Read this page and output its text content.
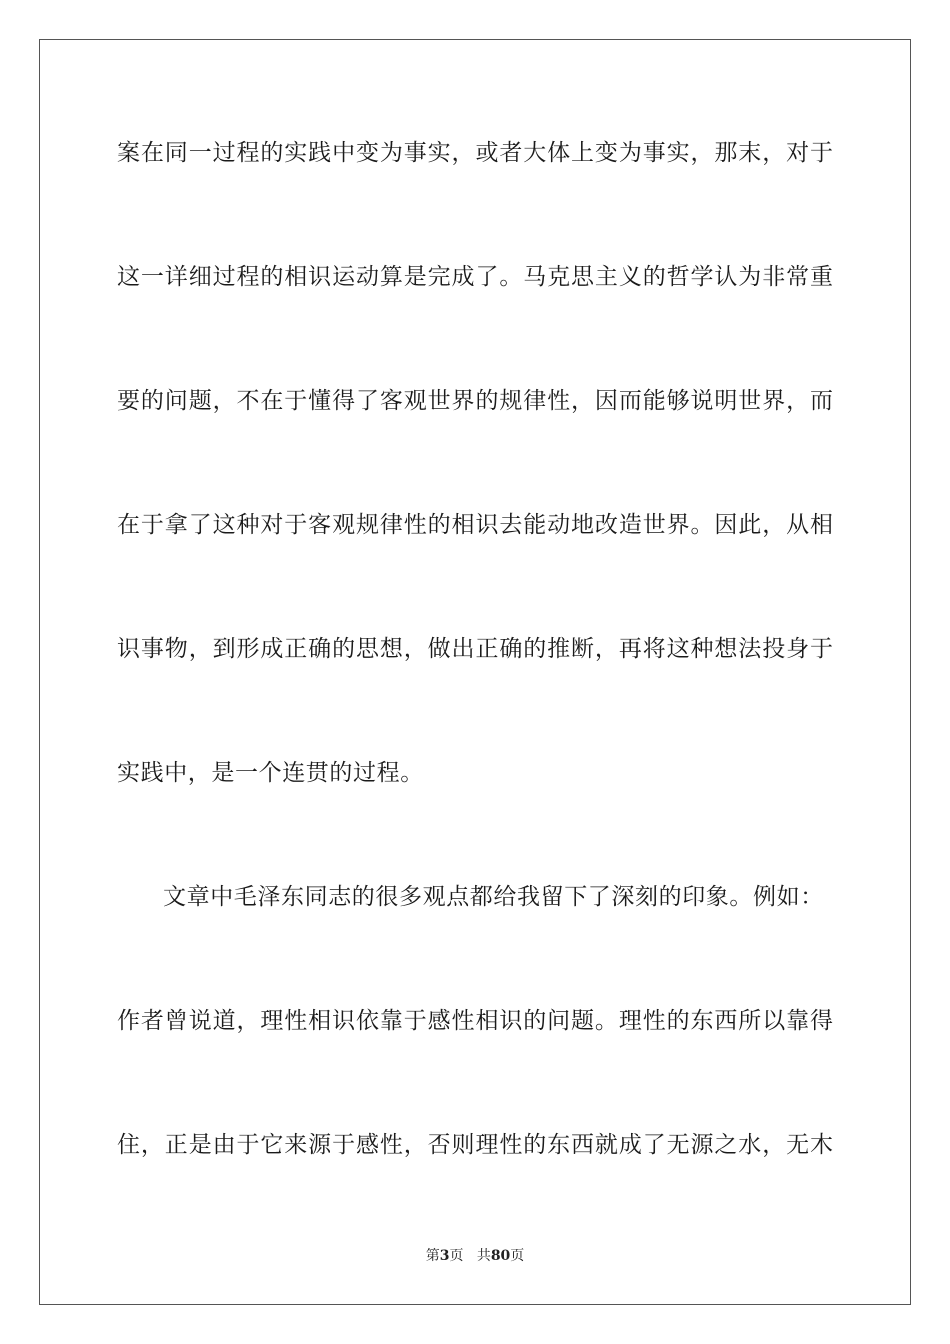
案在同一过程的实践中变为事实，或者大体上变为事实，那末，对于
这一详细过程的相识运动算是完成了。马克思主义的哲学认为非常重
要的问题，不在于懂得了客观世界的规律性，因而能够说明世界，而
在于拿了这种对于客观规律性的相识去能动地改造世界。因此，从相
识事物，到形成正确的思想，做出正确的推断，再将这种想法投身于
实践中，是一个连贯的过程。
文章中毛泽东同志的很多观点都给我留下了深刻的印象。例如：
作者曾说道，理性相识依靠于感性相识的问题。理性的东西所以靠得
住，正是由于它来源于感性，否则理性的东西就成了无源之水，无木
第3页 共80页
